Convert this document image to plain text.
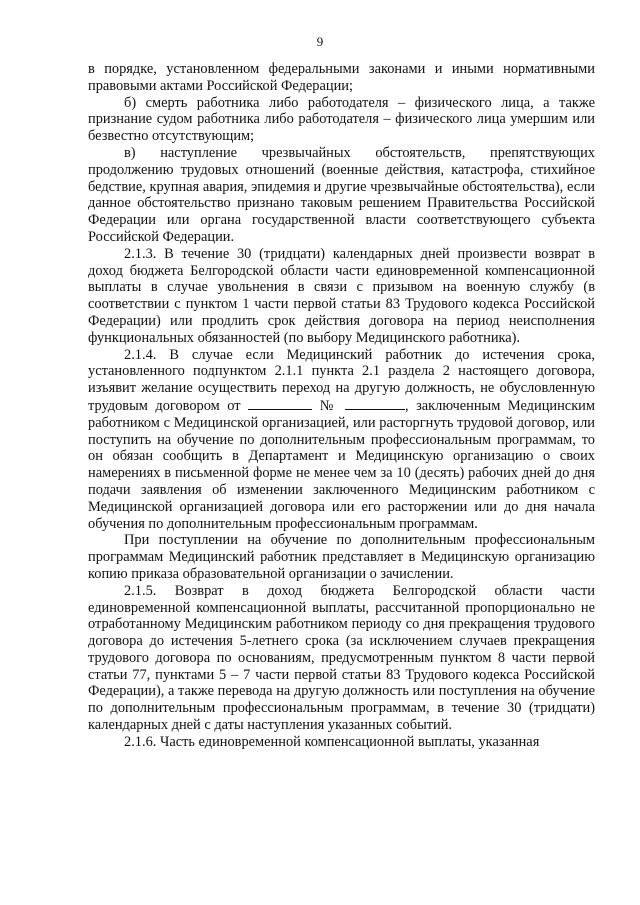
9

в порядке, установленном федеральными законами и иными нормативными правовыми актами Российской Федерации;

б) смерть работника либо работодателя – физического лица, а также признание судом работника либо работодателя – физического лица умершим или безвестно отсутствующим;

в) наступление чрезвычайных обстоятельств, препятствующих продолжению трудовых отношений (военные действия, катастрофа, стихийное бедствие, крупная авария, эпидемия и другие чрезвычайные обстоятельства), если данное обстоятельство признано таковым решением Правительства Российской Федерации или органа государственной власти соответствующего субъекта Российской Федерации.

2.1.3. В течение 30 (тридцати) календарных дней произвести возврат в доход бюджета Белгородской области части единовременной компенсационной выплаты в случае увольнения в связи с призывом на военную службу (в соответствии с пунктом 1 части первой статьи 83 Трудового кодекса Российской Федерации) или продлить срок действия договора на период неисполнения функциональных обязанностей (по выбору Медицинского работника).

2.1.4. В случае если Медицинский работник до истечения срока, установленного подпунктом 2.1.1 пункта 2.1 раздела 2 настоящего договора, изъявит желание осуществить переход на другую должность, не обусловленную трудовым договором от	№	, заключенным Медицинским работником с Медицинской организацией, или расторгнуть трудовой договор, или поступить на обучение по дополнительным профессиональным программам, то он обязан сообщить в Департамент и Медицинскую организацию о своих намерениях в письменной форме не менее чем за 10 (десять) рабочих дней до дня подачи заявления об изменении заключенного Медицинским работником с Медицинской организацией договора или его расторжении или до дня начала обучения по дополнительным профессиональным программам.

При поступлении на обучение по дополнительным профессиональным программам Медицинский работник представляет в Медицинскую организацию копию приказа образовательной организации о зачислении.

2.1.5. Возврат в доход бюджета Белгородской области части единовременной компенсационной выплаты, рассчитанной пропорционально не отработанному Медицинским работником периоду со дня прекращения трудового договора до истечения 5-летнего срока (за исключением случаев прекращения трудового договора по основаниям, предусмотренным пунктом 8 части первой статьи 77, пунктами 5 – 7 части первой статьи 83 Трудового кодекса Российской Федерации), а также перевода на другую должность или поступления на обучение по дополнительным профессиональным программам, в течение 30 (тридцати) календарных дней с даты наступления указанных событий.

2.1.6. Часть единовременной компенсационной выплаты, указанная
